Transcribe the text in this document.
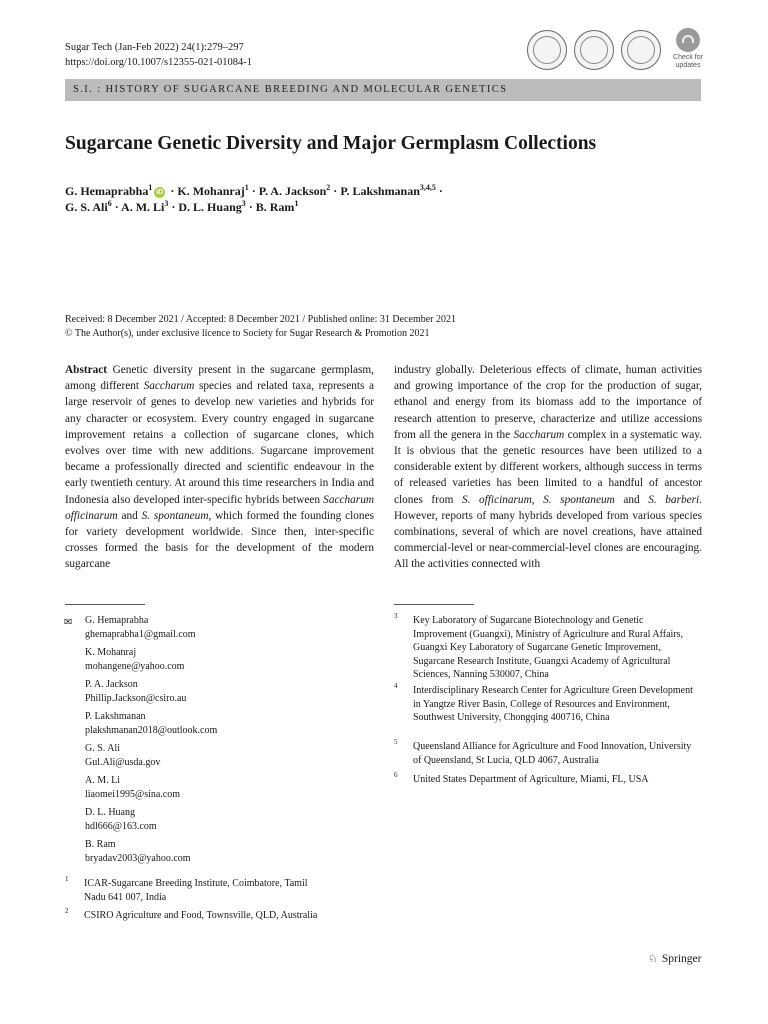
Sugar Tech (Jan-Feb 2022) 24(1):279–297
https://doi.org/10.1007/s12355-021-01084-1	Check for
updates
S.I. : HISTORY OF SUGARCANE BREEDING AND MOLECULAR GENETICS
Sugarcane Genetic Diversity and Major Germplasm Collections
G. Hemaprabha$^1$iD · K. Mohanraj$^1$ · P. A. Jackson$^2$ · P. Lakshmanan$^{3,4,5}$ ·
G. S. Ali$^6$ · A. M. $Li^3 \cdot D$. L. Huang$^3$ · B. Ram$^1$
Received: 8 December 2021 / Accepted: 8 December 2021 / Published online: 31 December 2021
© The Author(s), under exclusive licence to Society for Sugar Research & Promotion 2021
Abstract Genetic diversity present in the sugarcane germplasm, among different Saccharum species and related taxa, represents a large reservoir of genes to develop new varieties and hybrids for any character or ecosystem. Every country engaged in sugarcane improvement retains a collection of sugarcane clones, which evolves over time with new additions. Sugarcane improvement became a professionally directed and scientific endeavour in the early twentieth century. At around this time researchers in India and Indonesia also developed inter-specific hybrids between Saccharum officinarum and S. spontaneum, which formed the founding clones for variety development worldwide. Since then, inter-specific crosses formed the basis for the development of the modern sugarcane
industry globally. Deleterious effects of climate, human activities and growing importance of the crop for the production of sugar, ethanol and energy from its biomass add to the importance of research attention to preserve, characterize and utilize accessions from all the genera in the Saccharum complex in a systematic way. It is obvious that the genetic resources have been utilized to a considerable extent by different workers, although success in terms of released varieties has been limited to a handful of ancestor clones from S. officinarum, S. spontaneum and S. barberi. However, reports of many hybrids developed from various species combinations, several of which are novel creations, have attained commercial-level or near-commercial-level clones are encouraging. All the activities connected with
✉ G. Hemaprabha
ghemaprabha1@gmail.com
K. Mohanraj
mohangene@yahoo.com
P. A. Jackson
Phillip.Jackson@csiro.au
P. Lakshmanan
plakshmanan2018@outlook.com
G. S. Ali
Gul.Ali@usda.gov
A. M. Li
liaomei1995@sina.com
D. L. Huang
hdl666@163.com
B. Ram
bryadav2003@yahoo.com
1 ICAR-Sugarcane Breeding Institute, Coimbatore, Tamil Nadu 641 007, India
2 CSIRO Agriculture and Food, Townsville, QLD, Australia
3 Key Laboratory of Sugarcane Biotechnology and Genetic Improvement (Guangxi), Ministry of Agriculture and Rural Affairs, Guangxi Key Laboratory of Sugarcane Genetic Improvement, Sugarcane Research Institute, Guangxi Academy of Agricultural Sciences, Nanning 530007, China
4 Interdisciplinary Research Center for Agriculture Green Development in Yangtze River Basin, College of Resources and Environment, Southwest University, Chongqing 400716, China
5 Queensland Alliance for Agriculture and Food Innovation, University of Queensland, St Lucia, QLD 4067, Australia
6 United States Department of Agriculture, Miami, FL, USA
♘ Springer
